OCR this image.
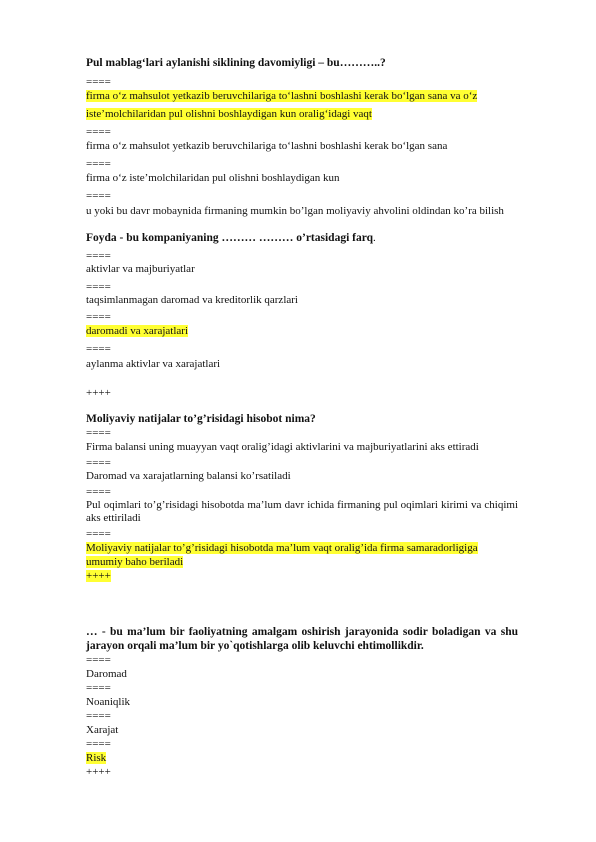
Pul mablag‘lari aylanishi siklining davomiyligi – bu………..?
====
firma o‘z mahsulot yetkazib beruvchilariga to‘lashni boshlashi kerak bo‘lgan sana va o‘z
iste’molchilaridan pul olishni boshlaydigan kun oralig‘idagi vaqt
====
firma o‘z mahsulot yetkazib beruvchilariga to‘lashni boshlashi kerak bo‘lgan sana
====
firma o‘z iste’molchilaridan pul olishni boshlaydigan kun
====
u yoki bu davr mobaynida firmaning mumkin bo’lgan moliyaviy ahvolini oldindan ko’ra bilish
Foyda - bu kompaniyaning ……… ……… o’rtasidagi farq.
====
aktivlar va majburiyatlar
====
taqsimlanmagan daromad va kreditorlik qarzlari
====
daromadi va xarajatlari
====
aylanma aktivlar va xarajatlari
++++
Moliyaviy natijalar to’g’risidagi hisobot nima?
====
Firma balansi uning muayyan vaqt oralig’idagi aktivlarini va majburiyatlarini aks ettiradi
====
Daromad va xarajatlarning balansi ko’rsatiladi
====
Pul oqimlari to’g’risidagi hisobotda ma’lum davr ichida firmaning pul oqimlari kirimi va chiqimi aks ettiriladi
====
Moliyaviy natijalar to’g’risidagi hisobotda ma’lum vaqt oralig’ida firma samaradorligiga
umumiy baho beriladi
++++
… - bu ma’lum bir faoliyatning amalgam oshirish jarayonida sodir boladigan va shu jarayon orqali ma’lum bir yo`qotishlarga olib keluvchi ehtimollikdir.
====
Daromad
====
Noaniqlik
====
Xarajat
====
Risk
++++
